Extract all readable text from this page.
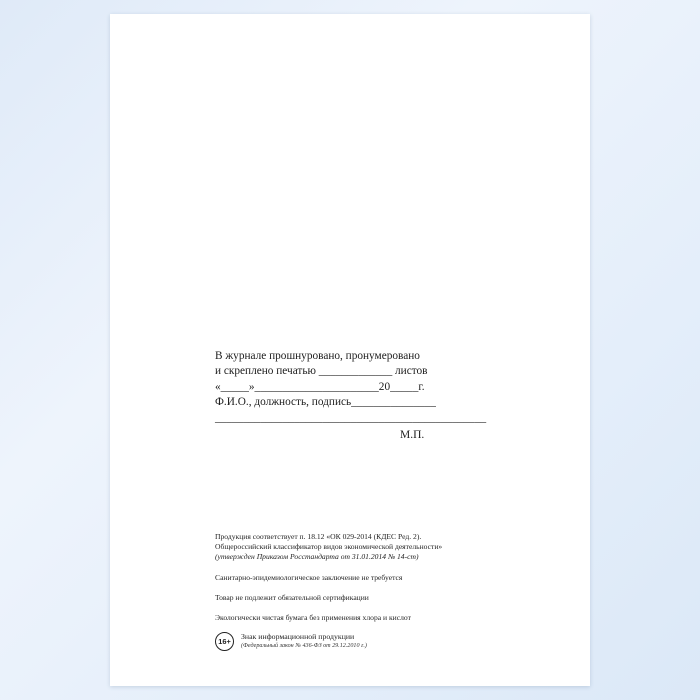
В журнале прошнуровано, пронумеровано
и скреплено печатью _____________ листов
«_____»______________________20_____г.
Ф.И.О., должность, подпись_______________
________________________________________________
М.П.
Продукция соответствует п. 18.12 «ОК 029-2014 (КДЕС Ред. 2).
Общероссийский классификатор видов экономической деятельности»
(утвержден Приказом Росстандарта от 31.01.2014 № 14-ст)
Санитарно-эпидемиологическое заключение не требуется
Товар не подлежит обязательной сертификации
Экологически чистая бумага без применения хлора и кислот
16+
Знак информационной продукции
(Федеральный закон № 436-ФЗ от 29.12.2010 г.)
